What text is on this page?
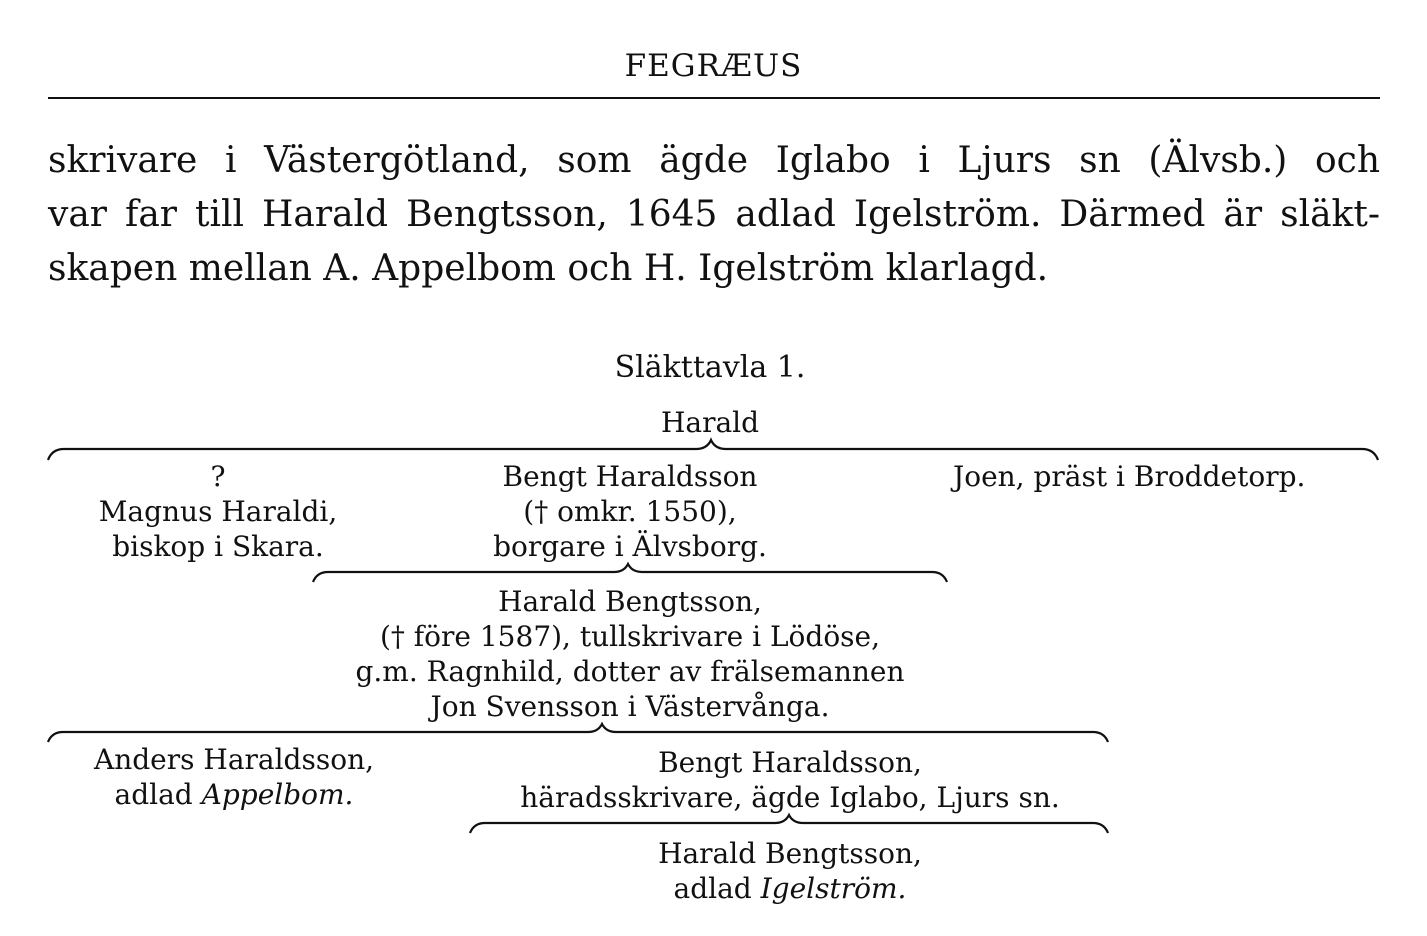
FEGRÆUS
skrivare i Västergötland, som ägde Iglabo i Ljurs sn (Älvsb.) och
var far till Harald Bengtsson, 1645 adlad Igelström. Därmed är släkt-
skapen mellan A. Appelbom och H. Igelström klarlagd.
Släkttavla 1.
Harald
?
Magnus Haraldi,
biskop i Skara.
Bengt Haraldsson
(† omkr. 1550),
borgare i Älvsborg.
Joen, präst i Broddetorp.
Harald Bengtsson,
(† före 1587), tullskrivare i Lödöse,
g.m. Ragnhild, dotter av frälsemannen
Jon Svensson i Västervånga.
Anders Haraldsson,
adlad Appelbom.
Bengt Haraldsson,
häradsskrivare, ägde Iglabo, Ljurs sn.
Harald Bengtsson,
adlad Igelström.
